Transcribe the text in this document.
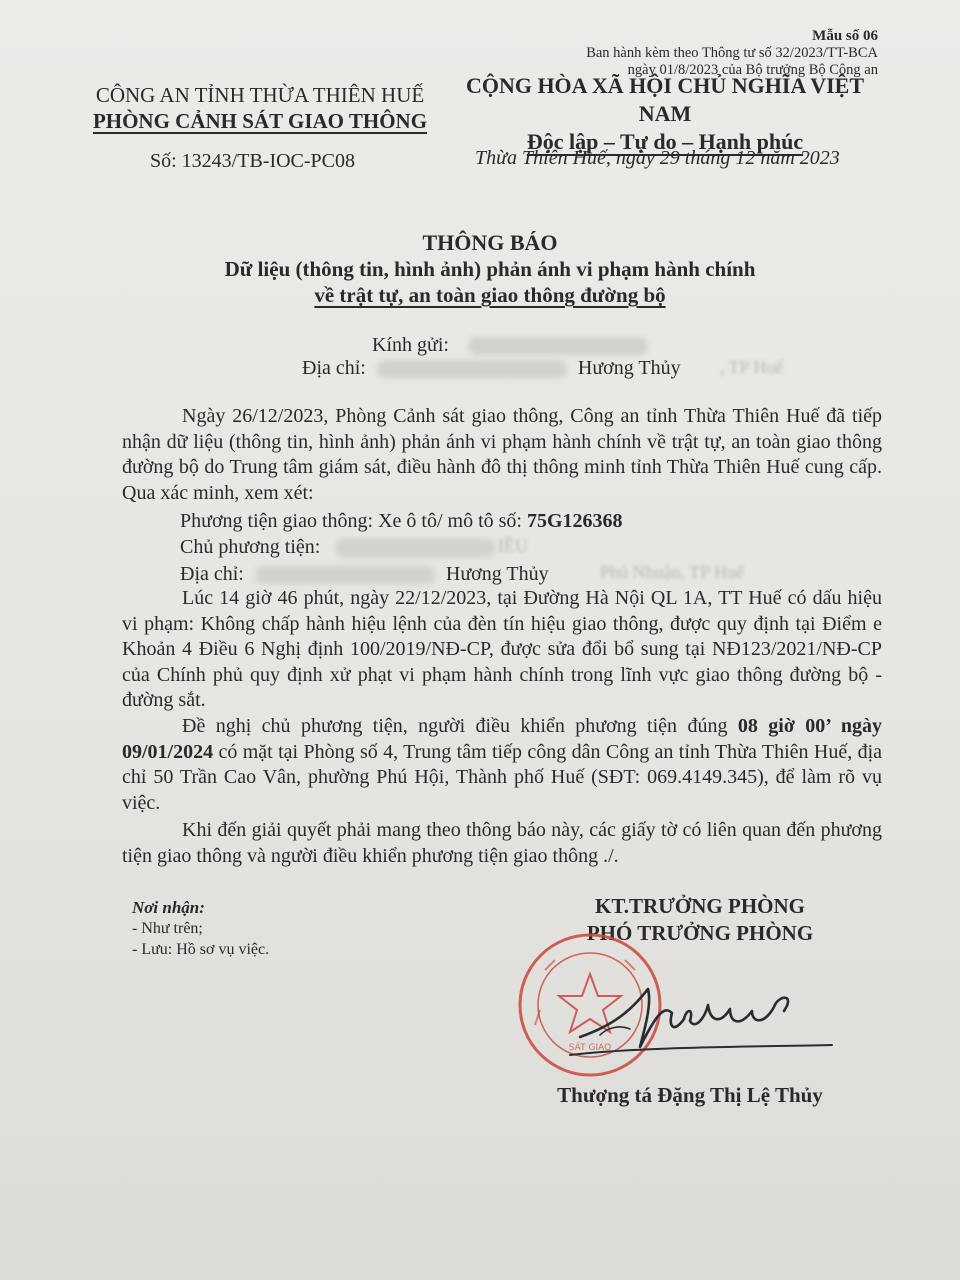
Mẫu số 06
Ban hành kèm theo Thông tư số 32/2023/TT-BCA
ngày 01/8/2023 của Bộ trưởng Bộ Công an
CÔNG AN TỈNH THỪA THIÊN HUẾ
PHÒNG CẢNH SÁT GIAO THÔNG
CỘNG HÒA XÃ HỘI CHỦ NGHĨA VIỆT NAM
Độc lập – Tự do – Hạnh phúc
Số: 13243/TB-IOC-PC08	Thừa Thiên Huế, ngày 29 tháng 12 năm 2023
THÔNG BÁO
Dữ liệu (thông tin, hình ảnh) phản ánh vi phạm hành chính
về trật tự, an toàn giao thông đường bộ
Kính gửi:
Địa chỉ:	Hương Thủy	, TP Huế
Ngày 26/12/2023, Phòng Cảnh sát giao thông, Công an tỉnh Thừa Thiên Huế đã tiếp nhận dữ liệu (thông tin, hình ảnh) phản ánh vi phạm hành chính về trật tự, an toàn giao thông đường bộ do Trung tâm giám sát, điều hành đô thị thông minh tỉnh Thừa Thiên Huế cung cấp. Qua xác minh, xem xét:
Phương tiện giao thông: Xe ô tô/ mô tô số: 75G126368
Chủ phương tiện:	IỀU
Địa chỉ:	Hương Thủy	Phú Nhuận, TP Huế
Lúc 14 giờ 46 phút, ngày 22/12/2023, tại Đường Hà Nội QL 1A, TT Huế có dấu hiệu vi phạm: Không chấp hành hiệu lệnh của đèn tín hiệu giao thông, được quy định tại Điểm e Khoản 4 Điều 6 Nghị định 100/2019/NĐ-CP, được sửa đổi bổ sung tại NĐ123/2021/NĐ-CP của Chính phủ quy định xử phạt vi phạm hành chính trong lĩnh vực giao thông đường bộ - đường sắt.
Đề nghị chủ phương tiện, người điều khiển phương tiện đúng 08 giờ 00’ ngày 09/01/2024 có mặt tại Phòng số 4, Trung tâm tiếp công dân Công an tỉnh Thừa Thiên Huế, địa chỉ 50 Trần Cao Vân, phường Phú Hội, Thành phố Huế (SĐT: 069.4149.345), để làm rõ vụ việc.
Khi đến giải quyết phải mang theo thông báo này, các giấy tờ có liên quan đến phương tiện giao thông và người điều khiển phương tiện giao thông ./.
Nơi nhận:
- Như trên;
- Lưu: Hồ sơ vụ việc.
KT.TRƯỞNG PHÒNG
PHÓ TRƯỞNG PHÒNG
SÁT GIAO
Thượng tá Đặng Thị Lệ Thủy
